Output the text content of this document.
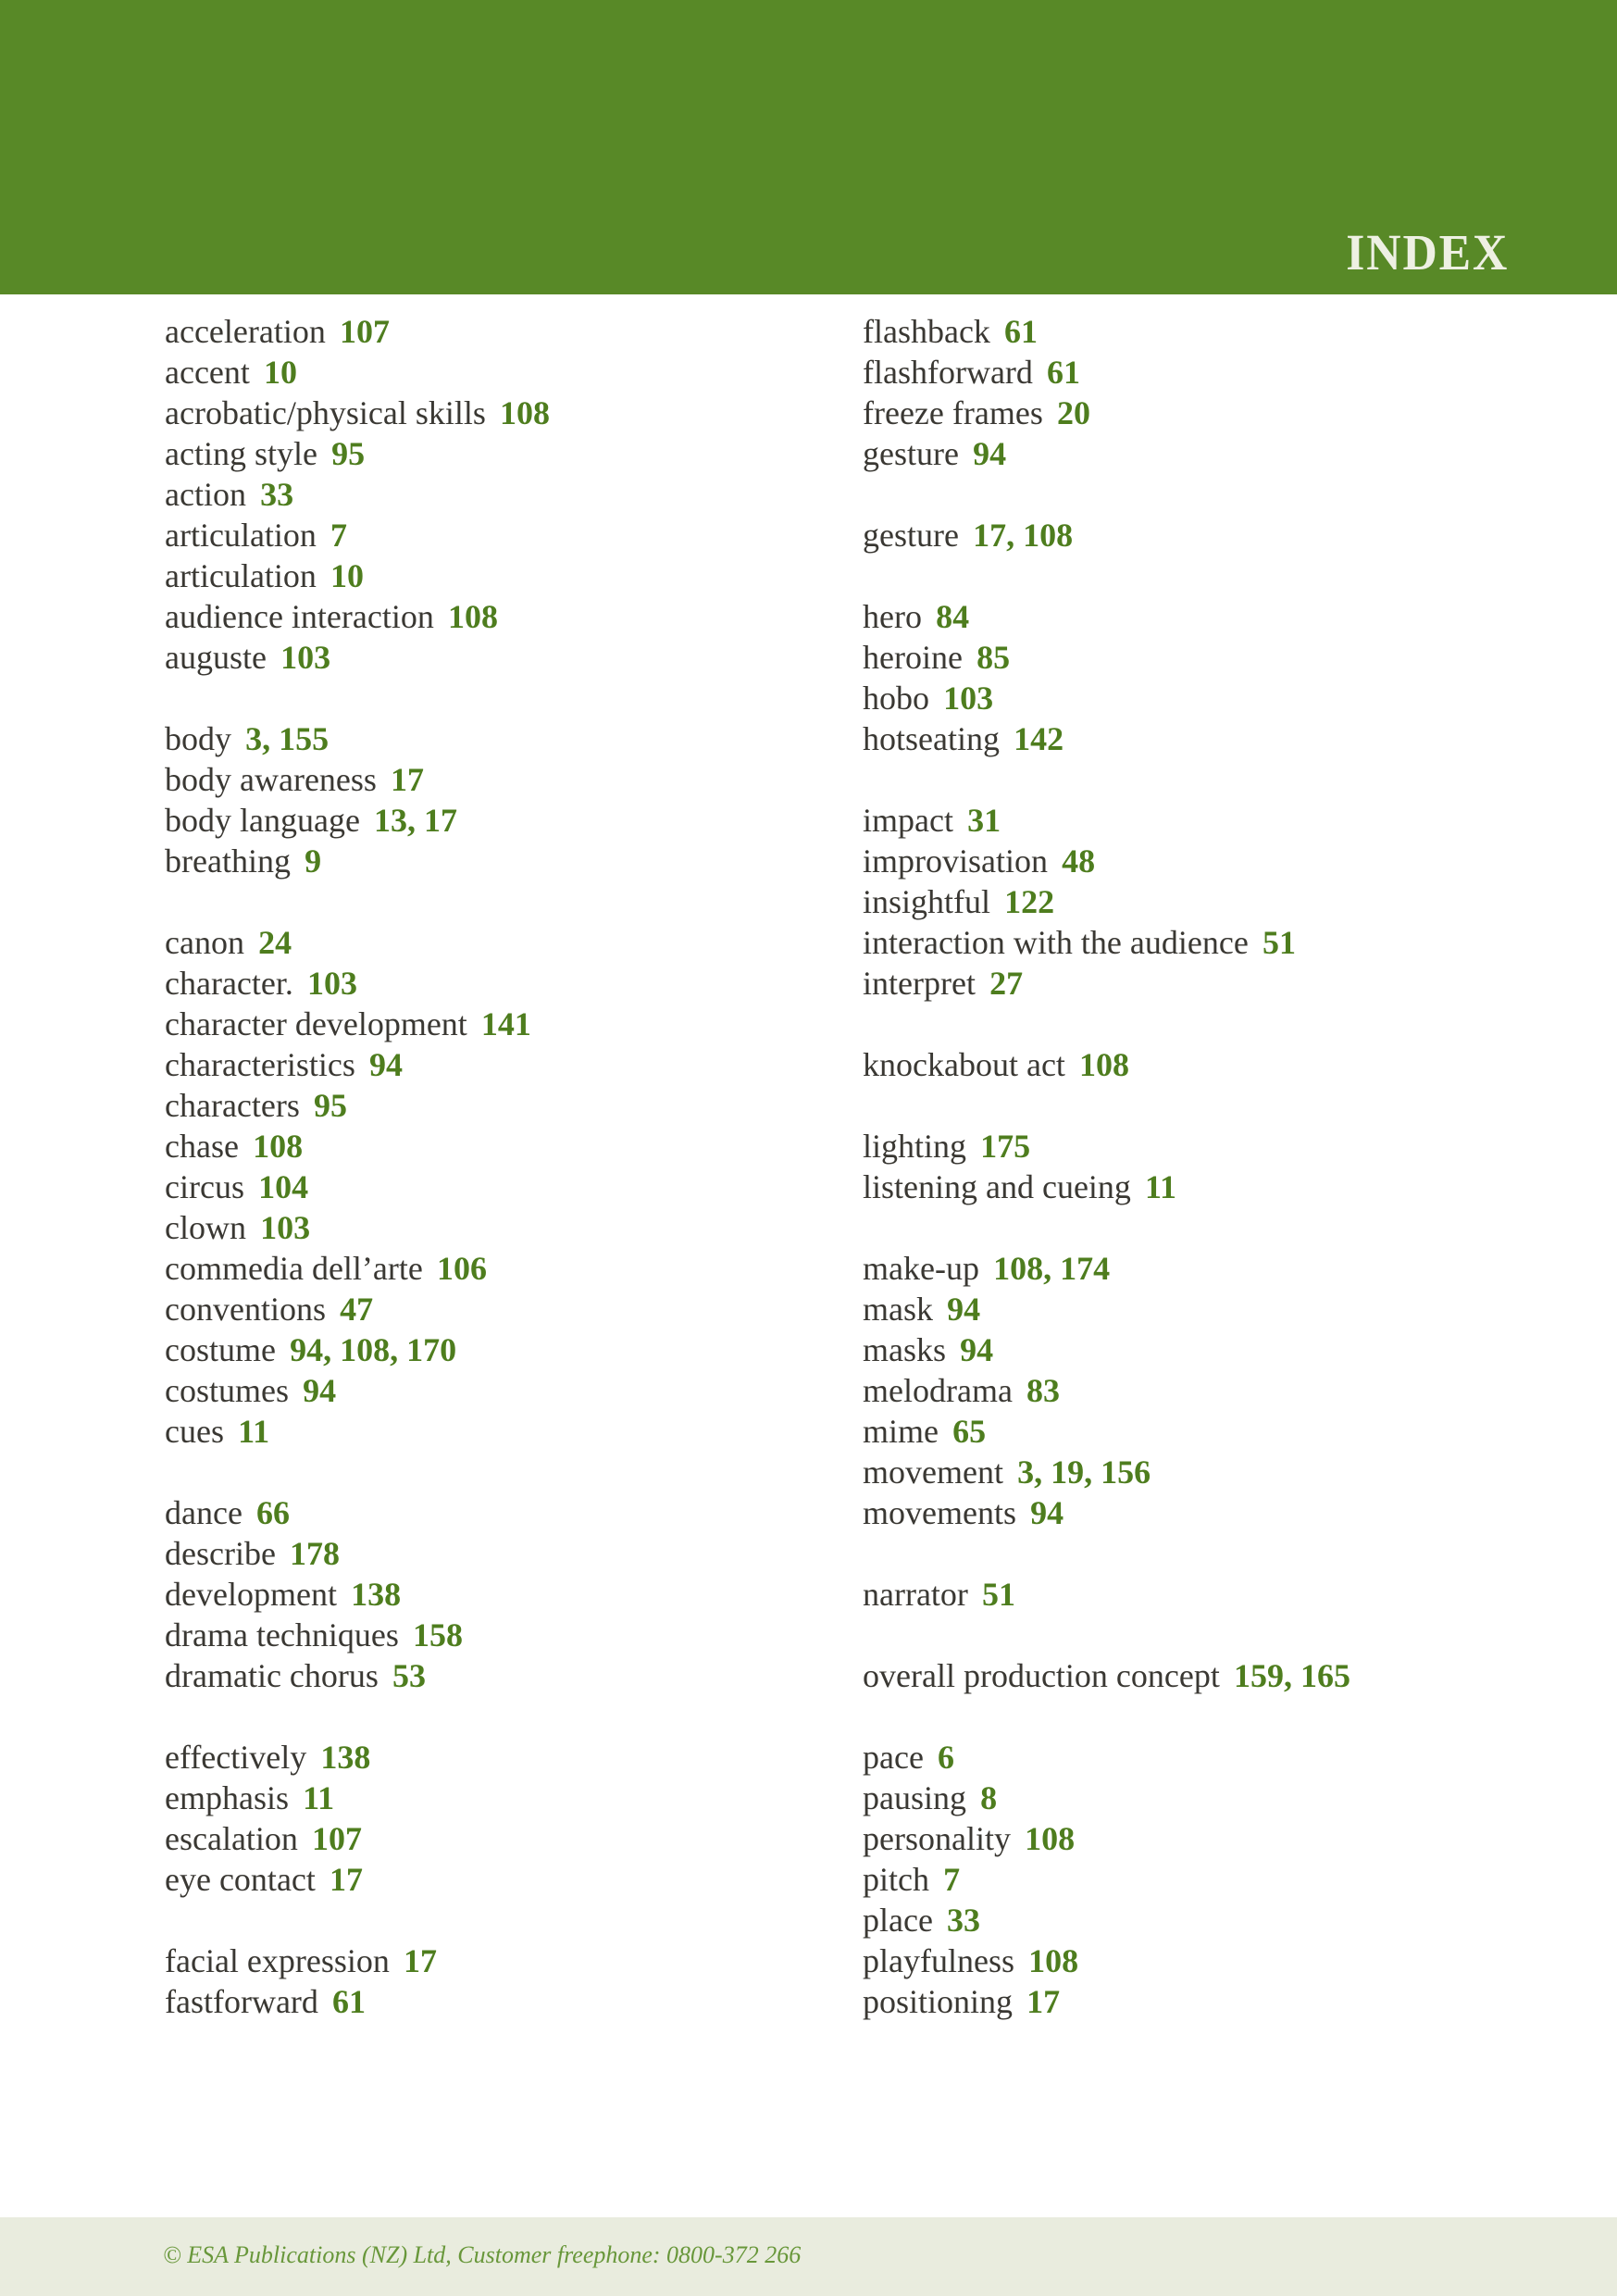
INDEX
acceleration 107
accent 10
acrobatic/physical skills 108
acting style 95
action 33
articulation 7
articulation 10
audience interaction 108
auguste 103
body 3, 155
body awareness 17
body language 13, 17
breathing 9
canon 24
character. 103
character development 141
characteristics 94
characters 95
chase 108
circus 104
clown 103
commedia dell’arte 106
conventions 47
costume 94, 108, 170
costumes 94
cues 11
dance 66
describe 178
development 138
drama techniques 158
dramatic chorus 53
effectively 138
emphasis 11
escalation 107
eye contact 17
facial expression 17
fastforward 61
flashback 61
flashforward 61
freeze frames 20
gesture 94
gesture 17, 108
hero 84
heroine 85
hobo 103
hotseating 142
impact 31
improvisation 48
insightful 122
interaction with the audience 51
interpret 27
knockabout act 108
lighting 175
listening and cueing 11
make-up 108, 174
mask 94
masks 94
melodrama 83
mime 65
movement 3, 19, 156
movements 94
narrator 51
overall production concept 159, 165
pace 6
pausing 8
personality 108
pitch 7
place 33
playfulness 108
positioning 17
© ESA Publications (NZ) Ltd, Customer freephone: 0800-372 266
